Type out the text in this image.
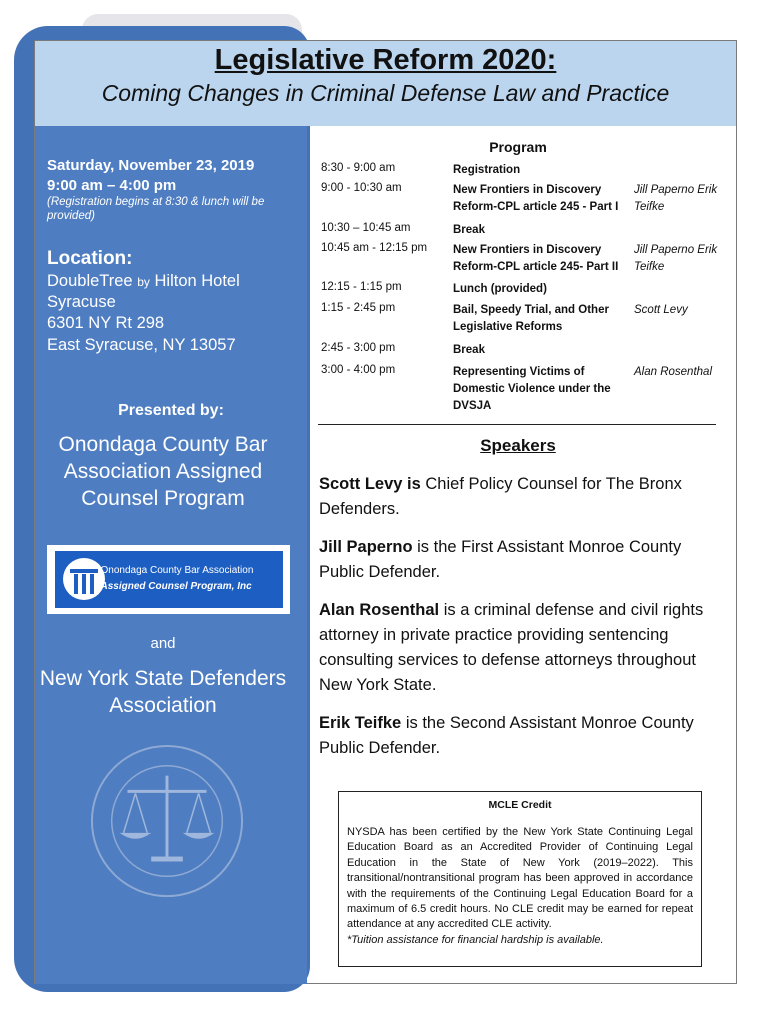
Legislative Reform 2020:
Coming Changes in Criminal Defense Law and Practice
Saturday, November 23, 2019
9:00 am – 4:00 pm
(Registration begins at 8:30 & lunch will be provided)
Location:
DoubleTree by Hilton Hotel
Syracuse
6301 NY Rt 298
East Syracuse, NY 13057
Presented by:
Onondaga County Bar Association Assigned Counsel Program
and
New York State Defenders Association
Onondaga County Bar Association
Assigned Counsel Program, Inc
Program
8:30 - 9:00 am	Registration
9:00 - 10:30 am	New Frontiers in Discovery Reform-CPL article 245 - Part I
Jill Paperno Erik Teifke
10:30 – 10:45 am	Break
10:45 am - 12:15 pm	New Frontiers in Discovery Reform-CPL article 245- Part II
Jill Paperno Erik Teifke
12:15 - 1:15 pm	Lunch (provided)
1:15 - 2:45 pm	Bail, Speedy Trial, and Other Legislative Reforms
Scott Levy
2:45 - 3:00 pm	Break
3:00 - 4:00 pm	Representing Victims of Domestic Violence under the DVSJA
Alan Rosenthal
Speakers
Scott Levy is Chief Policy Counsel for The Bronx Defenders.
Jill Paperno is the First Assistant Monroe County Public Defender.
Alan Rosenthal is a criminal defense and civil rights attorney in private practice providing sentencing consulting services to defense attorneys throughout New York State.
Erik Teifke is the Second Assistant Monroe County Public Defender.
MCLE Credit
NYSDA has been certified by the New York State Continuing Legal Education Board as an Accredited Provider of Continuing Legal Education in the State of New York (2019–2022). This transitional/nontransitional program has been approved in accordance with the requirements of the Continuing Legal Education Board for a maximum of 6.5 credit hours. No CLE credit may be earned for repeat attendance at any accredited CLE activity.
*Tuition assistance for financial hardship is available.
